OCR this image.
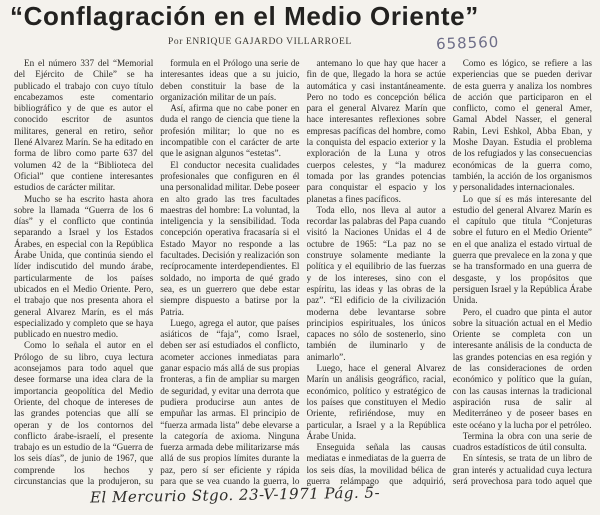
“Conflagración en el Medio Oriente”
Por ENRIQUE GAJARDO VILLARROEL	658560

En el número 337 del “Memorial del Ejército de Chile” se ha publicado el trabajo con cuyo título encabezamos este comentario bibliográfico y de que es autor el conocido escritor de asuntos militares, general en retiro, señor Ilené Alvarez Marín. Se ha editado en forma de libro como parte 637 del volumen 42 de la “Biblioteca del Oficial” que contiene interesantes estudios de carácter militar.

Mucho se ha escrito hasta ahora sobre la llamada “Guerra de los 6 días” y el conflicto que continúa separando a Israel y los Estados Árabes, en especial con la República Árabe Unida, que continúa siendo el líder indiscutido del mundo árabe, particularmente de los países ubicados en el Medio Oriente. Pero, el trabajo que nos presenta ahora el general Alvarez Marín, es el más especializado y completo que se haya publicado en nuestro medio.

Como lo señala el autor en el Prólogo de su libro, cuya lectura aconsejamos para todo aquel que desee formarse una idea clara de la importancia geopolítica del Medio Oriente, del choque de intereses de las grandes potencias que allí se operan y de los contornos del conflicto árabe-israelí, el presente trabajo es un estudio de la “Guerra de los seis días”, de junio de 1967, que comprende los hechos y circunstancias que la produjeron, su

formula en el Prólogo una serie de interesantes ideas que a su juicio, deben constituir la base de la organización militar de un país.

Así, afirma que no cabe poner en duda el rango de ciencia que tiene la profesión militar; lo que no es incompatible con el carácter de arte que le asignan algunos “estetas”.

El conductor necesita cualidades profesionales que configuren en él una personalidad militar. Debe poseer en alto grado las tres facultades maestras del hombre: La voluntad, la inteligencia y la sensibilidad. Toda concepción operativa fracasaría si el Estado Mayor no responde a las facultades. Decisión y realización son recíprocamente interdependientes. El soldado, no importa de qué grado sea, es un guerrero que debe estar siempre dispuesto a batirse por la Patria.

Luego, agrega el autor, que países asiáticos de “faja”, como Israel, deben ser así estudiados el conflicto, acometer acciones inmediatas para ganar espacio más allá de sus propias fronteras, a fin de ampliar su margen de seguridad, y evitar una derrota que pudiera producirse aun antes de empuñar las armas. El principio de “fuerza armada lista” debe elevarse a la categoría de axioma. Ninguna fuerza armada debe militarizarse más allá de sus propios límites durante la paz, pero sí ser eficiente y rápida para que se vea cuando la guerra, lo

antemano lo que hay que hacer a fin de que, llegado la hora se actúe automática y casi instantáneamente. Pero no todo es concepción bélica para el general Alvarez Marín que hace interesantes reflexiones sobre empresas pacíficas del hombre, como la conquista del espacio exterior y la exploración de la Luna y otros cuerpos celestes, y “la madurez tomada por las grandes potencias para conquistar el espacio y los planetas a fines pacíficos.

Toda ello, nos lleva al autor a recordar las palabras del Papa cuando visitó la Naciones Unidas el 4 de octubre de 1965: “La paz no se construye solamente mediante la política y el equilibrio de las fuerzas y de los intereses, sino con el espíritu, las ideas y las obras de la paz”. “El edificio de la civilización moderna debe levantarse sobre principios espirituales, los únicos capaces no sólo de sostenerlo, sino también de iluminarlo y de animarlo”.

Luego, hace el general Alvarez Marín un análisis geográfico, racial, económico, político y estratégico de los países que constituyen el Medio Oriente, refiriéndose, muy en particular, a Israel y a la República Árabe Unida.

Enseguida señala las causas mediatas e inmediatas de la guerra de los seis días, la movilidad bélica de guerra relámpago que adquirió,

Como es lógico, se refiere a las experiencias que se pueden derivar de esta guerra y analiza los nombres de acción que participaron en el conflicto, como el general Amer, Gamal Abdel Nasser, el general Rabin, Levi Eshkol, Abba Eban, y Moshe Dayan. Estudia el problema de los refugiados y las consecuencias económicas de la guerra como, también, la acción de los organismos y personalidades internacionales.

Lo que sí es más interesante del estudio del general Alvarez Marín es el capítulo que titula “Conjeturas sobre el futuro en el Medio Oriente” en el que analiza el estado virtual de guerra que prevalece en la zona y que se ha transformado en una guerra de desgaste, y los propósitos que persiguen Israel y la República Árabe Unida.

Pero, el cuadro que pinta el autor sobre la situación actual en el Medio Oriente se completa con un interesante análisis de la conducta de las grandes potencias en esa región y de las consideraciones de orden económico y político que la guían, con las causas internas la tradicional aspiración rusa de salir al Mediterráneo y de poseer bases en este océano y la lucha por el petróleo.

Termina la obra con una serie de cuadros estadísticos de útil consulta.

En síntesis, se trata de un libro de gran interés y actualidad cuya lectura será provechosa para todo aquel que

El Mercurio Stgo. 23-V-1971 Pág. 5-
